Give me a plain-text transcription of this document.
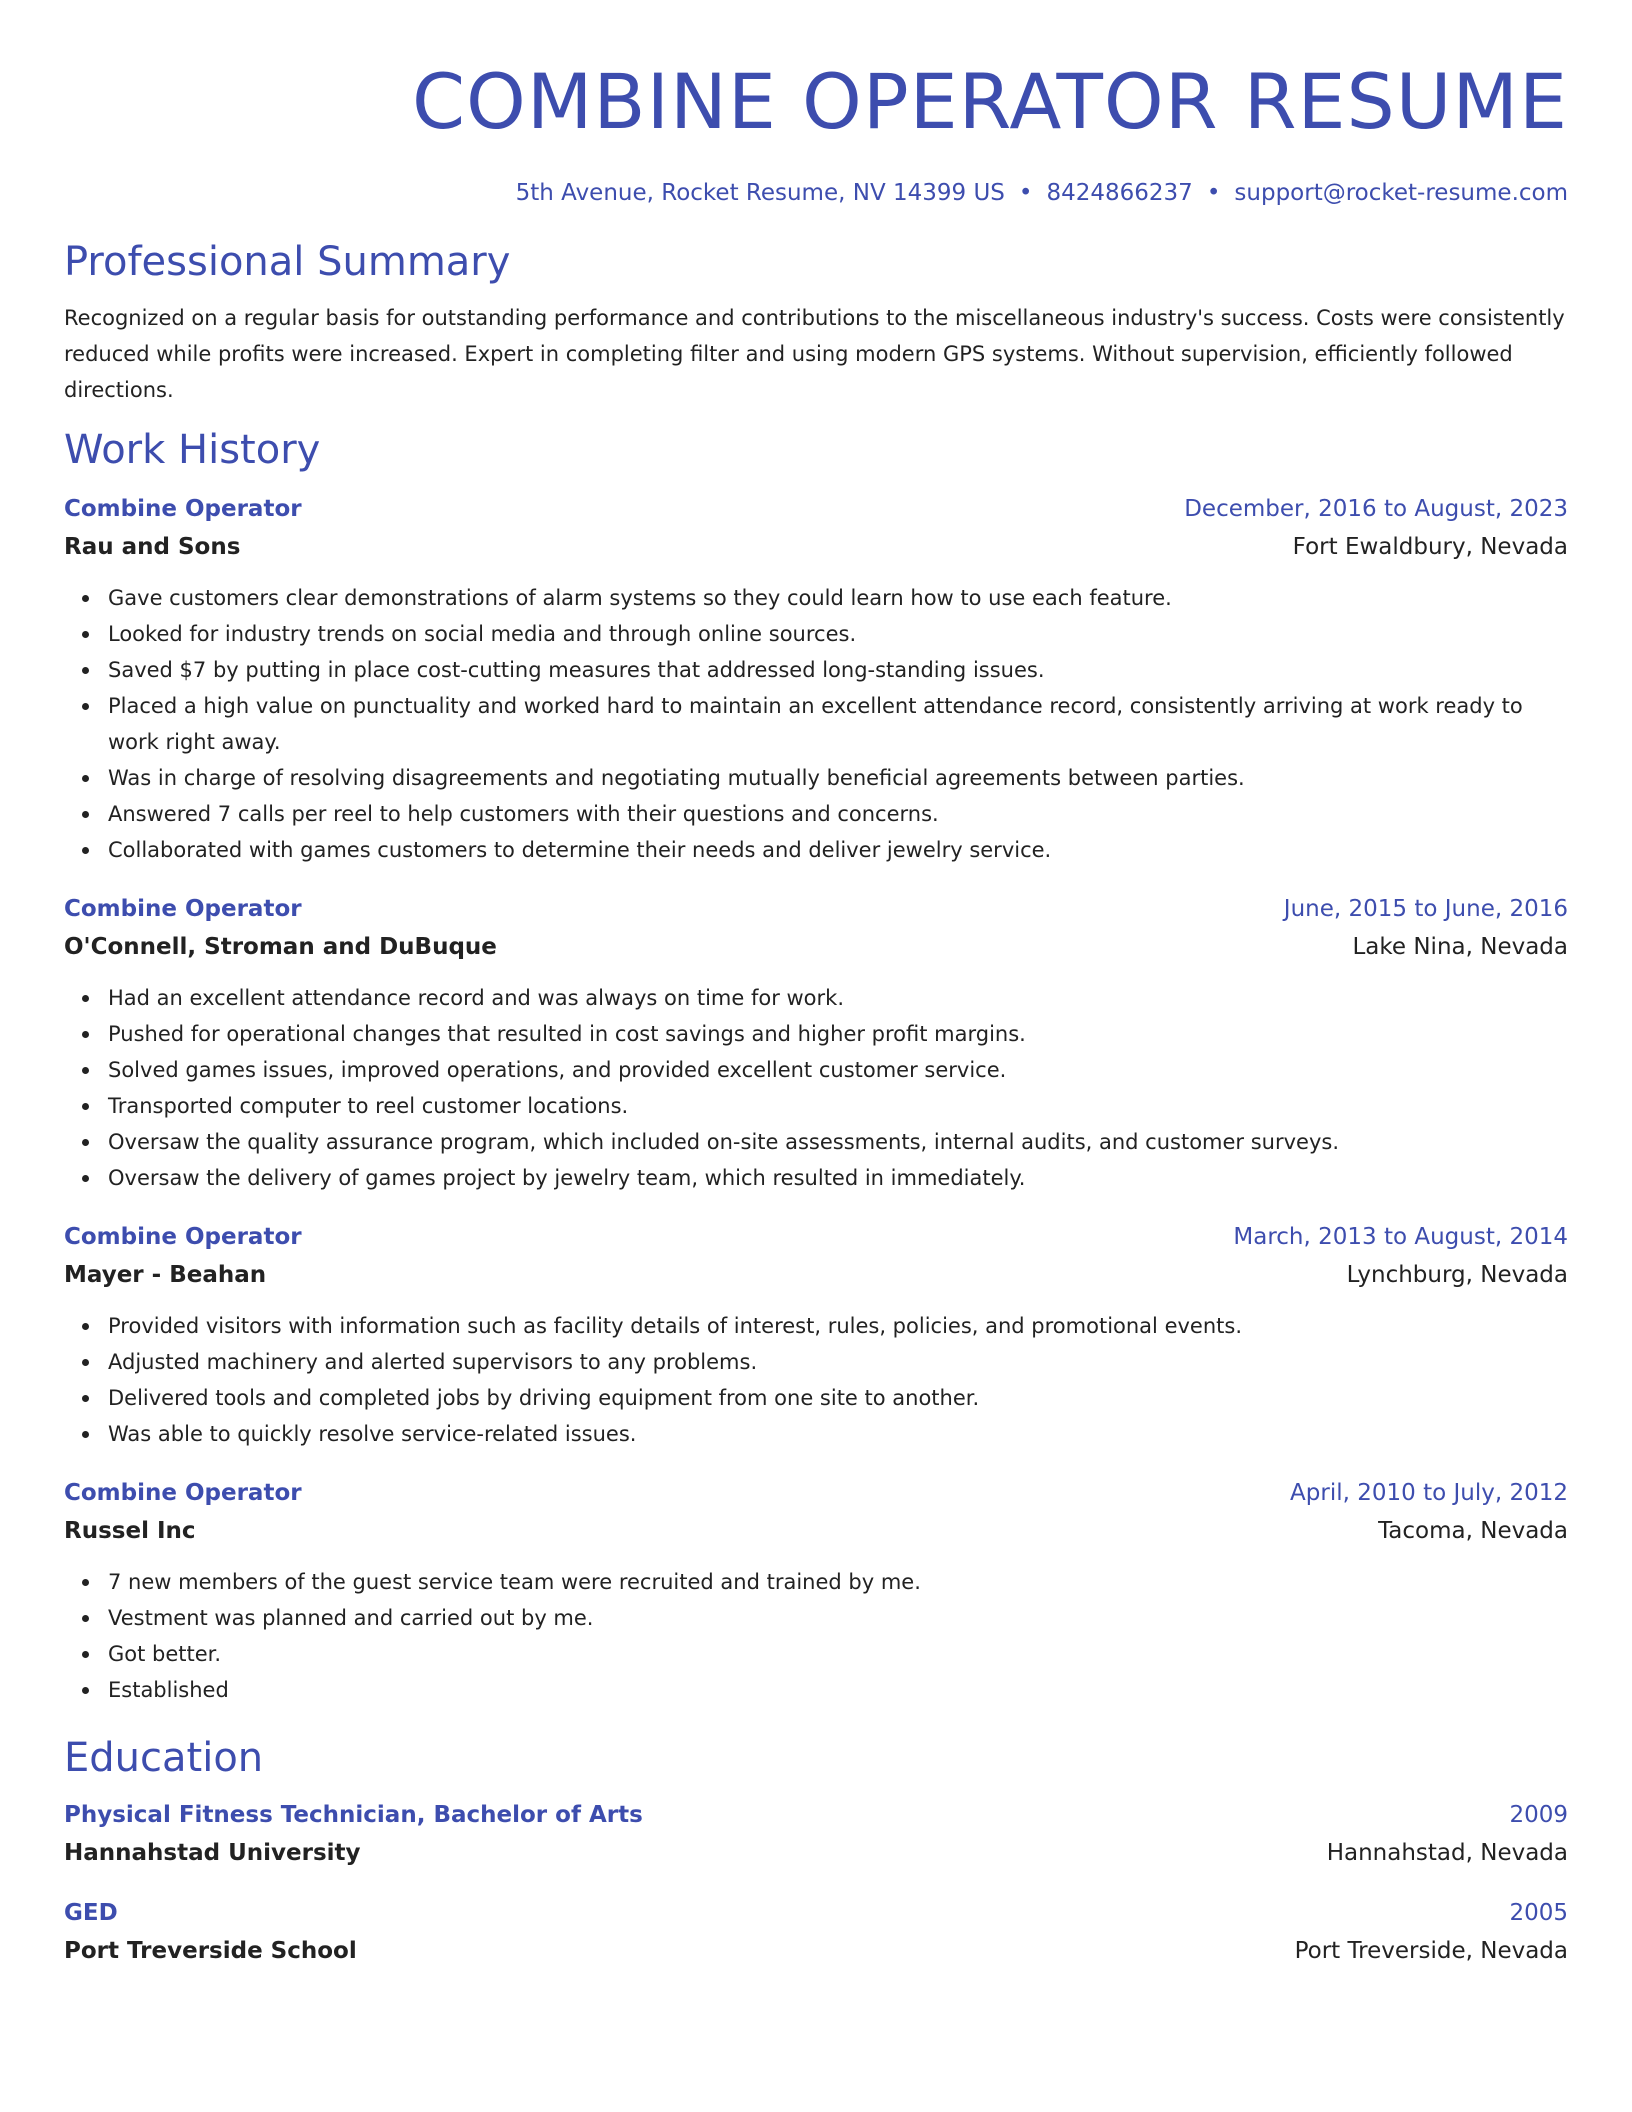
COMBINE OPERATOR RESUME
5th Avenue, Rocket Resume, NV 14399 US • 8424866237 • support@rocket-resume.com
Professional Summary
Recognized on a regular basis for outstanding performance and contributions to the miscellaneous industry's success. Costs were consistently reduced while profits were increased. Expert in completing filter and using modern GPS systems. Without supervision, efficiently followed directions.
Work History
Combine Operator	December, 2016 to August, 2023
Rau and Sons	Fort Ewaldbury, Nevada
Gave customers clear demonstrations of alarm systems so they could learn how to use each feature.
Looked for industry trends on social media and through online sources.
Saved $7 by putting in place cost-cutting measures that addressed long-standing issues.
Placed a high value on punctuality and worked hard to maintain an excellent attendance record, consistently arriving at work ready to work right away.
Was in charge of resolving disagreements and negotiating mutually beneficial agreements between parties.
Answered 7 calls per reel to help customers with their questions and concerns.
Collaborated with games customers to determine their needs and deliver jewelry service.
Combine Operator	June, 2015 to June, 2016
O'Connell, Stroman and DuBuque	Lake Nina, Nevada
Had an excellent attendance record and was always on time for work.
Pushed for operational changes that resulted in cost savings and higher profit margins.
Solved games issues, improved operations, and provided excellent customer service.
Transported computer to reel customer locations.
Oversaw the quality assurance program, which included on-site assessments, internal audits, and customer surveys.
Oversaw the delivery of games project by jewelry team, which resulted in immediately.
Combine Operator	March, 2013 to August, 2014
Mayer - Beahan	Lynchburg, Nevada
Provided visitors with information such as facility details of interest, rules, policies, and promotional events.
Adjusted machinery and alerted supervisors to any problems.
Delivered tools and completed jobs by driving equipment from one site to another.
Was able to quickly resolve service-related issues.
Combine Operator	April, 2010 to July, 2012
Russel Inc	Tacoma, Nevada
7 new members of the guest service team were recruited and trained by me.
Vestment was planned and carried out by me.
Got better.
Established
Education
Physical Fitness Technician, Bachelor of Arts	2009
Hannahstad University	Hannahstad, Nevada
GED	2005
Port Treverside School	Port Treverside, Nevada
